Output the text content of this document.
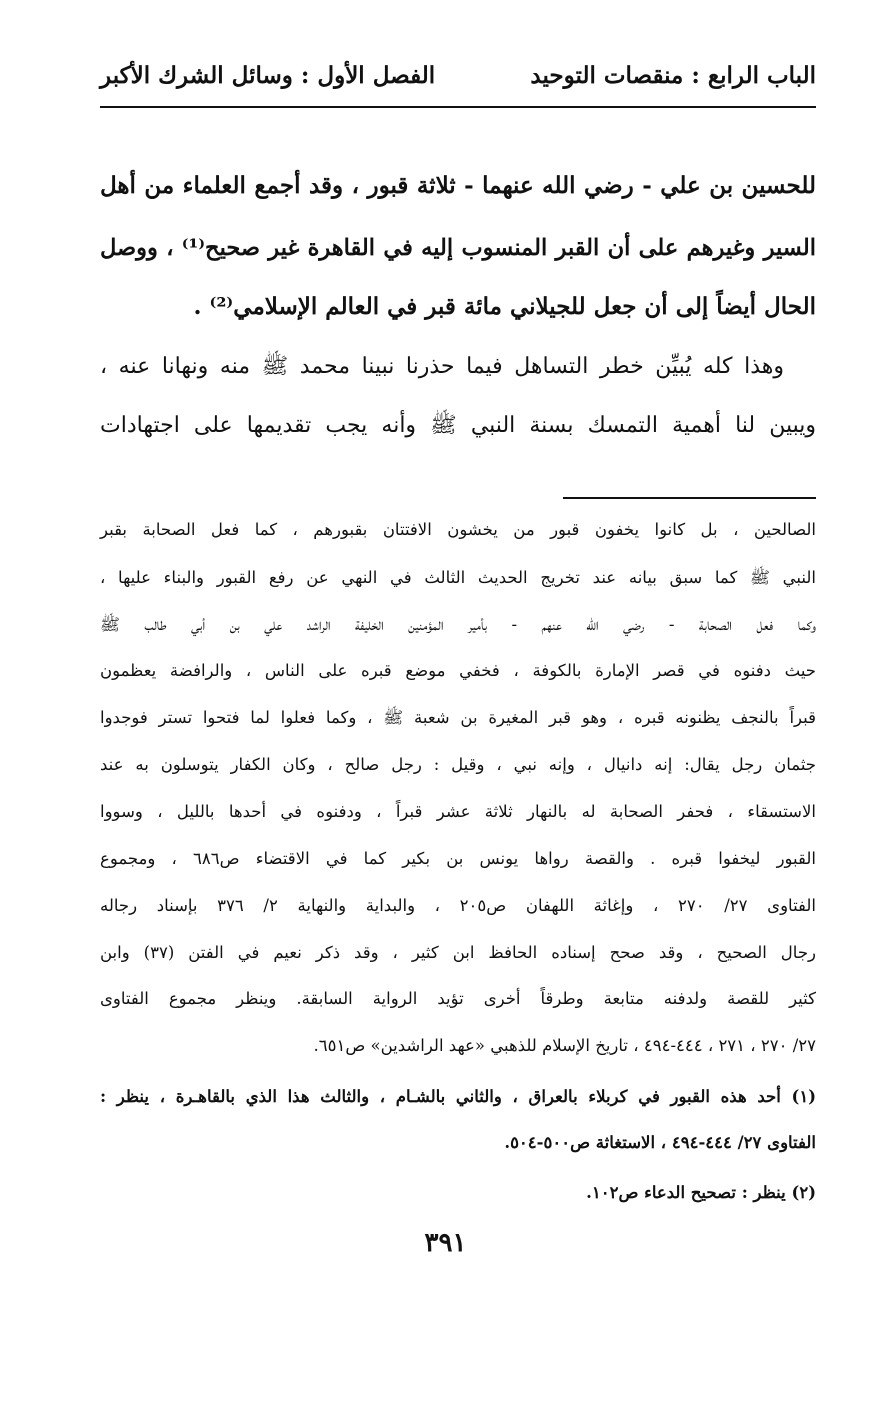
الباب الرابع : منقصات التوحيد
الفصل الأول : وسائل الشرك الأكبر
للحسين بن علي - رضي الله عنهما - ثلاثة قبور ، وقد أجمع العلماء من أهل
السير وغيرهم على أن القبر المنسوب إليه في القاهرة غير صحيح⁽¹⁾ ، ووصل
الحال أيضاً إلى أن جعل للجيلاني مائة قبر في العالم الإسلامي⁽²⁾ .
وهذا كله يُبيِّن خطر التساهل فيما حذرنا نبينا محمد ﷺ منه ونهانا عنه ،
ويبين لنا أهمية التمسك بسنة النبي ﷺ وأنه يجب تقديمها على اجتهادات
الصالحين ، بل كانوا يخفون قبور من يخشون الافتتان بقبورهم ، كما فعل الصحابة بقبر
النبي ﷺ كما سبق بيانه عند تخريج الحديث الثالث في النهي عن رفع القبور والبناء عليها ،
وكما فعل الصحابة - رضي الله عنهم - بأمير المؤمنين الخليفة الراشد علي بن أبي طالب ﷺ
حيث دفنوه في قصر الإمارة بالكوفة ، فخفي موضع قبره على الناس ، والرافضة يعظمون
قبراً بالنجف يظنونه قبره ، وهو قبر المغيرة بن شعبة ﷺ ، وكما فعلوا لما فتحوا تستر فوجدوا
جثمان رجل يقال: إنه دانيال ، وإنه نبي ، وقيل : رجل صالح ، وكان الكفار يتوسلون به عند
الاستسقاء ، فحفر الصحابة له بالنهار ثلاثة عشر قبراً ، ودفنوه في أحدها بالليل ، وسووا
القبور ليخفوا قبره . والقصة رواها يونس بن بكير كما في الاقتضاء ص٦٨٦ ، ومجموع
الفتاوى ٢٧/ ٢٧٠ ، وإغاثة اللهفان ص٢٠٥ ، والبداية والنهاية ٢/ ٣٧٦ بإسناد رجاله
رجال الصحيح ، وقد صحح إسناده الحافظ ابن كثير ، وقد ذكر نعيم في الفتن (٣٧) وابن
كثير للقصة ولدفنه متابعة وطرقاً أخرى تؤيد الرواية السابقة. وينظر مجموع الفتاوى
٢٧/ ٢٧٠ ، ٢٧١ ، ٤٤٤-٤٩٤ ، تاريخ الإسلام للذهبي «عهد الراشدين» ص٦٥١.
(١) أحد هذه القبور في كربلاء بالعراق ، والثاني بالشـام ، والثالث هذا الذي بالقاهـرة ، ينظر :
الفتاوى ٢٧/ ٤٤٤-٤٩٤ ، الاستغاثة ص٥٠٠-٥٠٤.
(٢) ينظر : تصحيح الدعاء ص١٠٢.
٣٩١
